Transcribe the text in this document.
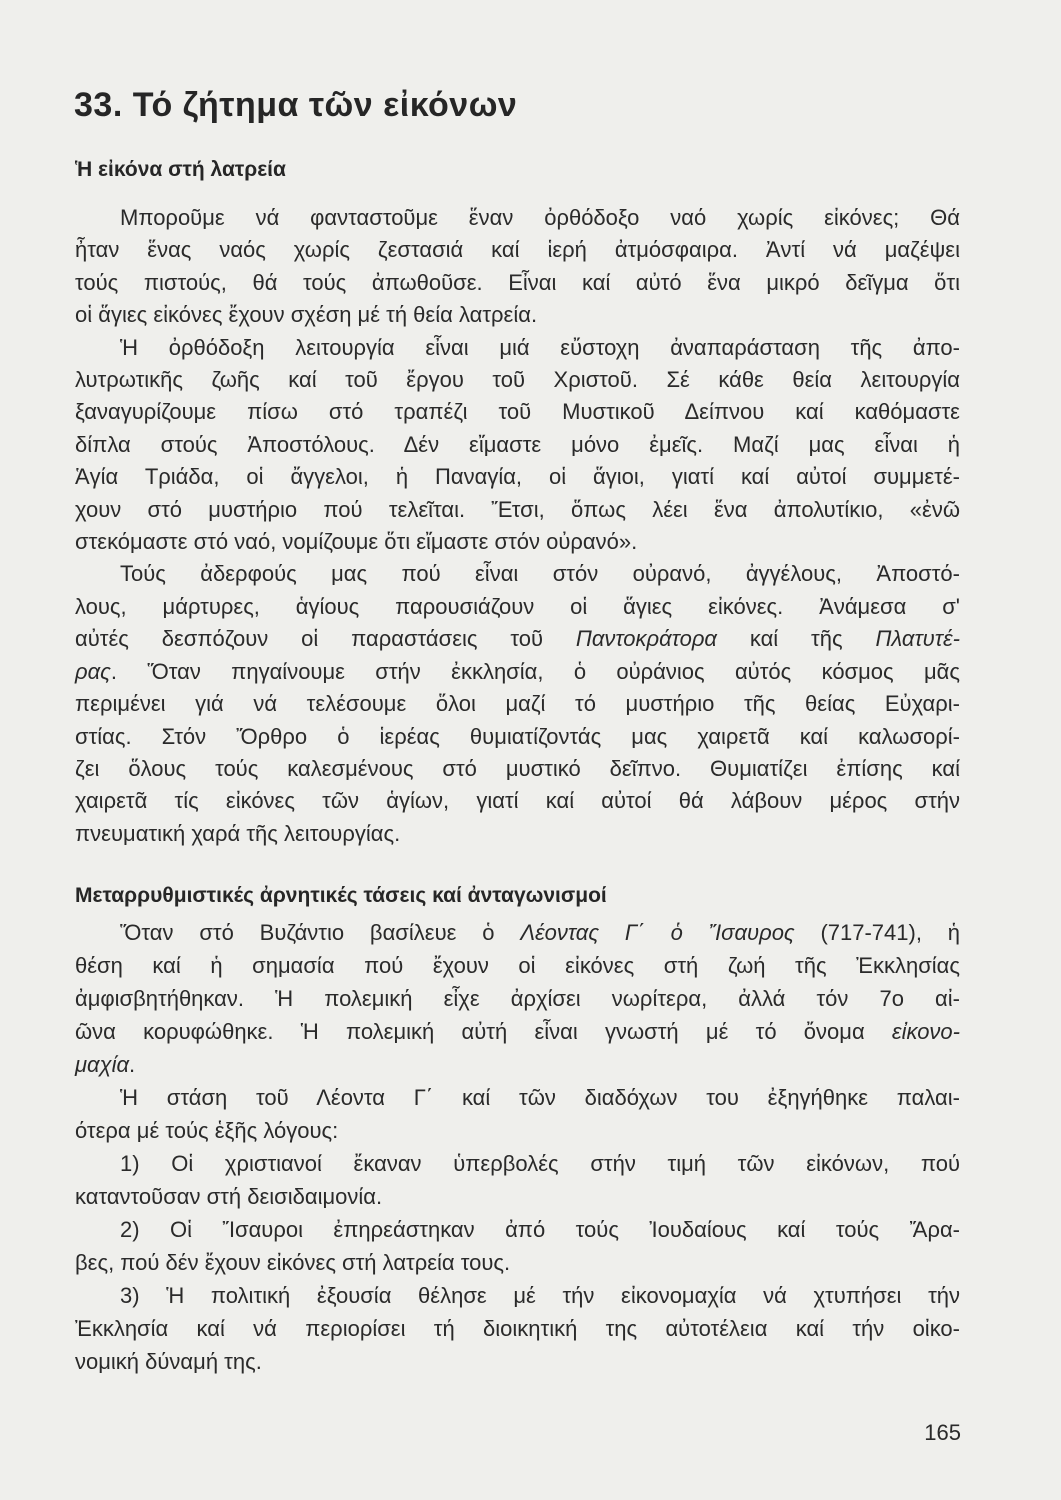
33. Τό ζήτημα τῶν εἰκόνων
Ἡ εἰκόνα στή λατρεία
Μποροῦμε νά φανταστοῦμε ἕναν ὀρθόδοξο ναό χωρίς εἰκόνες; Θά
ἦταν ἕνας ναός χωρίς ζεστασιά καί ἱερή ἀτμόσφαιρα. Ἀντί νά μαζέψει
τούς πιστούς, θά τούς ἀπωθοῦσε. Εἶναι καί αὐτό ἕνα μικρό δεῖγμα ὅτι
οἱ ἅγιες εἰκόνες ἔχουν σχέση μέ τή θεία λατρεία.
Ἡ ὀρθόδοξη λειτουργία εἶναι μιά εὔστοχη ἀναπαράσταση τῆς ἀπο-
λυτρωτικῆς ζωῆς καί τοῦ ἔργου τοῦ Χριστοῦ. Σέ κάθε θεία λειτουργία
ξαναγυρίζουμε πίσω στό τραπέζι τοῦ Μυστικοῦ Δείπνου καί καθόμαστε
δίπλα στούς Ἀποστόλους. Δέν εἴμαστε μόνο ἐμεῖς. Μαζί μας εἶναι ἡ
Ἁγία Τριάδα, οἱ ἄγγελοι, ἡ Παναγία, οἱ ἅγιοι, γιατί καί αὐτοί συμμετέ-
χουν στό μυστήριο πού τελεῖται. Ἔτσι, ὅπως λέει ἕνα ἀπολυτίκιο, «ἐνῶ
στεκόμαστε στό ναό, νομίζουμε ὅτι εἴμαστε στόν οὐρανό».
Τούς ἀδερφούς μας πού εἶναι στόν οὐρανό, ἀγγέλους, Ἀποστό-
λους, μάρτυρες, ἁγίους παρουσιάζουν οἱ ἅγιες εἰκόνες. Ἀνάμεσα σ'
αὐτές δεσπόζουν οἱ παραστάσεις τοῦ Παντοκράτορα καί τῆς Πλατυτέ-
ρας. Ὅταν πηγαίνουμε στήν ἐκκλησία, ὁ οὐράνιος αὐτός κόσμος μᾶς
περιμένει γιά νά τελέσουμε ὅλοι μαζί τό μυστήριο τῆς θείας Εὐχαρι-
στίας. Στόν Ὄρθρο ὁ ἱερέας θυμιατίζοντάς μας χαιρετᾶ καί καλωσορί-
ζει ὅλους τούς καλεσμένους στό μυστικό δεῖπνο. Θυμιατίζει ἐπίσης καί
χαιρετᾶ τίς εἰκόνες τῶν ἁγίων, γιατί καί αὐτοί θά λάβουν μέρος στήν
πνευματική χαρά τῆς λειτουργίας.
Μεταρρυθμιστικές ἀρνητικές τάσεις καί ἀνταγωνισμοί
Ὅταν στό Βυζάντιο βασίλευε ὁ Λέοντας Γ΄ ὁ Ἴσαυρος (717-741), ἡ
θέση καί ἡ σημασία πού ἔχουν οἱ εἰκόνες στή ζωή τῆς Ἐκκλησίας
ἀμφισβητήθηκαν. Ἡ πολεμική εἶχε ἀρχίσει νωρίτερα, ἀλλά τόν 7ο αἰ-
ῶνα κορυφώθηκε. Ἡ πολεμική αὐτή εἶναι γνωστή μέ τό ὄνομα εἰκονο-
μαχία.
Ἡ στάση τοῦ Λέοντα Γ΄ καί τῶν διαδόχων του ἐξηγήθηκε παλαι-
ότερα μέ τούς ἑξῆς λόγους:
1) Οἱ χριστιανοί ἔκαναν ὑπερβολές στήν τιμή τῶν εἰκόνων, πού
καταντοῦσαν στή δεισιδαιμονία.
2) Οἱ Ἴσαυροι ἐπηρεάστηκαν ἀπό τούς Ἰουδαίους καί τούς Ἄρα-
βες, πού δέν ἔχουν εἰκόνες στή λατρεία τους.
3) Ἡ πολιτική ἐξουσία θέλησε μέ τήν εἰκονομαχία νά χτυπήσει τήν
Ἐκκλησία καί νά περιορίσει τή διοικητική της αὐτοτέλεια καί τήν οἰκο-
νομική δύναμή της.
165
